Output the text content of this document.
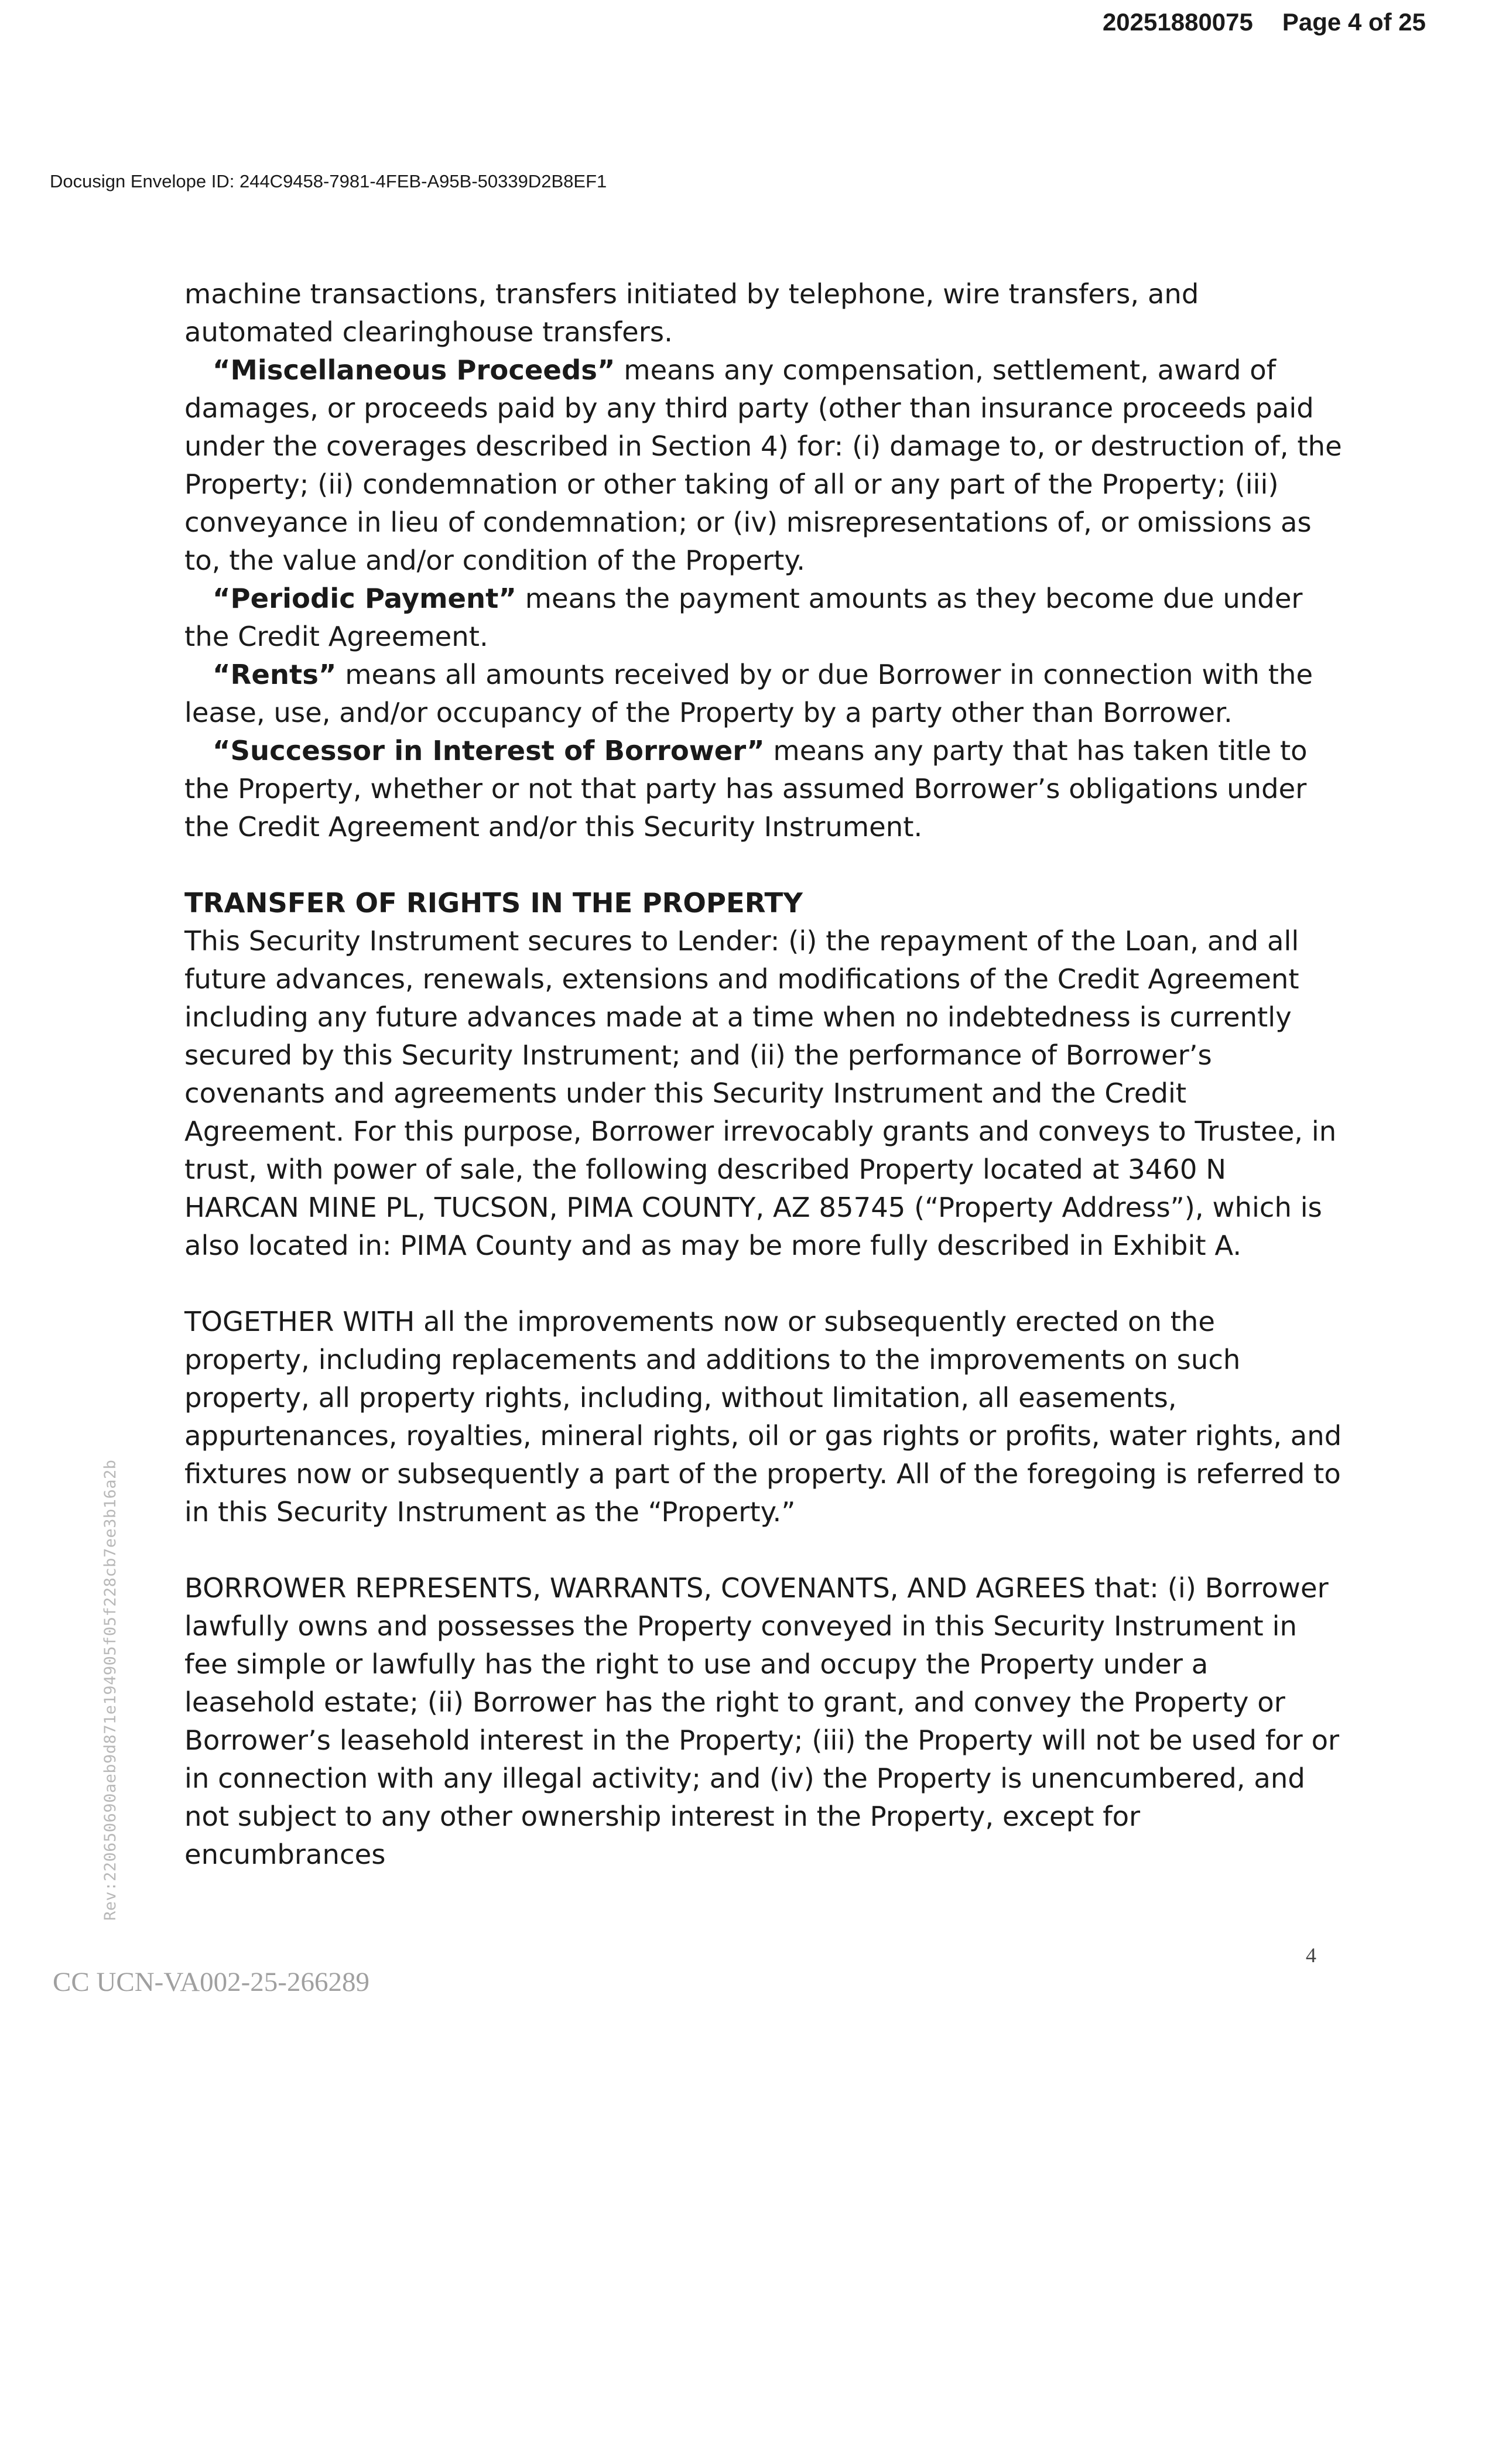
20251880075 Page 4 of 25
Docusign Envelope ID: 244C9458-7981-4FEB-A95B-50339D2B8EF1

machine transactions, transfers initiated by telephone, wire transfers, and automated clearinghouse transfers.

“Miscellaneous Proceeds” means any compensation, settlement, award of damages, or proceeds paid by any third party (other than insurance proceeds paid under the coverages described in Section 4) for: (i) damage to, or destruction of, the Property; (ii) condemnation or other taking of all or any part of the Property; (iii) conveyance in lieu of condemnation; or (iv) misrepresentations of, or omissions as to, the value and/or condition of the Property.

“Periodic Payment” means the payment amounts as they become due under the Credit Agreement.

“Rents” means all amounts received by or due Borrower in connection with the lease, use, and/or occupancy of the Property by a party other than Borrower.

“Successor in Interest of Borrower” means any party that has taken title to the Property, whether or not that party has assumed Borrower’s obligations under the Credit Agreement and/or this Security Instrument.

TRANSFER OF RIGHTS IN THE PROPERTY

This Security Instrument secures to Lender: (i) the repayment of the Loan, and all future advances, renewals, extensions and modifications of the Credit Agreement including any future advances made at a time when no indebtedness is currently secured by this Security Instrument; and (ii) the performance of Borrower’s covenants and agreements under this Security Instrument and the Credit Agreement. For this purpose, Borrower irrevocably grants and conveys to Trustee, in trust, with power of sale, the following described Property located at 3460 N HARCAN MINE PL, TUCSON, PIMA COUNTY, AZ 85745 (“Property Address”), which is also located in: PIMA County and as may be more fully described in Exhibit A.

TOGETHER WITH all the improvements now or subsequently erected on the property, including replacements and additions to the improvements on such property, all property rights, including, without limitation, all easements, appurtenances, royalties, mineral rights, oil or gas rights or profits, water rights, and fixtures now or subsequently a part of the property. All of the foregoing is referred to in this Security Instrument as the “Property.”

BORROWER REPRESENTS, WARRANTS, COVENANTS, AND AGREES that: (i) Borrower lawfully owns and possesses the Property conveyed in this Security Instrument in fee simple or lawfully has the right to use and occupy the Property under a leasehold estate; (ii) Borrower has the right to grant, and convey the Property or Borrower’s leasehold interest in the Property; (iii) the Property will not be used for or in connection with any illegal activity; and (iv) the Property is unencumbered, and not subject to any other ownership interest in the Property, except for encumbrances

Rev:220650690aeb9d871e194905f05f228cb7ee3b16a2b
4
CC UCN-VA002-25-266289
